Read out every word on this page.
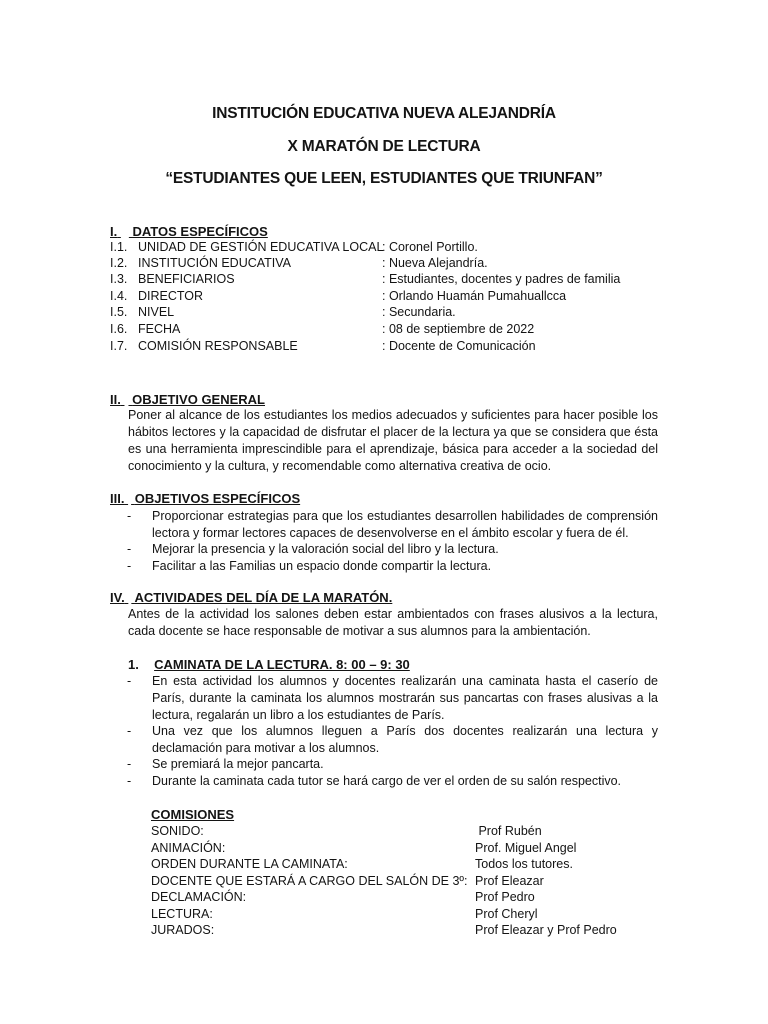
INSTITUCIÓN EDUCATIVA NUEVA ALEJANDRÍA
X MARATÓN DE LECTURA
“ESTUDIANTES QUE LEEN, ESTUDIANTES QUE TRIUNFAN”
I. DATOS ESPECÍFICOS
I.1. UNIDAD DE GESTIÓN EDUCATIVA LOCAL
: Coronel Portillo.
I.2. INSTITUCIÓN EDUCATIVA	: Nueva Alejandría.
I.3. BENEFICIARIOS	: Estudiantes, docentes y padres de familia
I.4. DIRECTOR	: Orlando Huamán Pumahuallcca
I.5. NIVEL	: Secundaria.
I.6. FECHA	: 08 de septiembre de 2022
I.7. COMISIÓN RESPONSABLE	: Docente de Comunicación
II. OBJETIVO GENERAL
Poner al alcance de los estudiantes los medios adecuados y suficientes para hacer posible los hábitos lectores y la capacidad de disfrutar el placer de la lectura ya que se considera que ésta es una herramienta imprescindible para el aprendizaje, básica para acceder a la sociedad del conocimiento y la cultura, y recomendable como alternativa creativa de ocio.
III. OBJETIVOS ESPECÍFICOS
- Proporcionar estrategias para que los estudiantes desarrollen habilidades de comprensión lectora y formar lectores capaces de desenvolverse en el ámbito escolar y fuera de él.
- Mejorar la presencia y la valoración social del libro y la lectura.
- Facilitar a las Familias un espacio donde compartir la lectura.
IV. ACTIVIDADES DEL DÍA DE LA MARATÓN.
Antes de la actividad los salones deben estar ambientados con frases alusivos a la lectura, cada docente se hace responsable de motivar a sus alumnos para la ambientación.
1. CAMINATA DE LA LECTURA. 8: 00 – 9: 30
- En esta actividad los alumnos y docentes realizarán una caminata hasta el caserío de París, durante la caminata los alumnos mostrarán sus pancartas con frases alusivas a la lectura, regalarán un libro a los estudiantes de París.
- Una vez que los alumnos lleguen a París dos docentes realizarán una lectura y declamación para motivar a los alumnos.
- Se premiará la mejor pancarta.
- Durante la caminata cada tutor se hará cargo de ver el orden de su salón respectivo.
COMISIONES
SONIDO:	Prof Rubén
ANIMACIÓN:	Prof. Miguel Angel
ORDEN DURANTE LA CAMINATA:	Todos los tutores.
DOCENTE QUE ESTARÁ A CARGO DEL SALÓN DE 3º: Prof Eleazar
DECLAMACIÓN:	Prof Pedro
LECTURA:	Prof Cheryl
JURADOS:	Prof Eleazar y Prof Pedro
